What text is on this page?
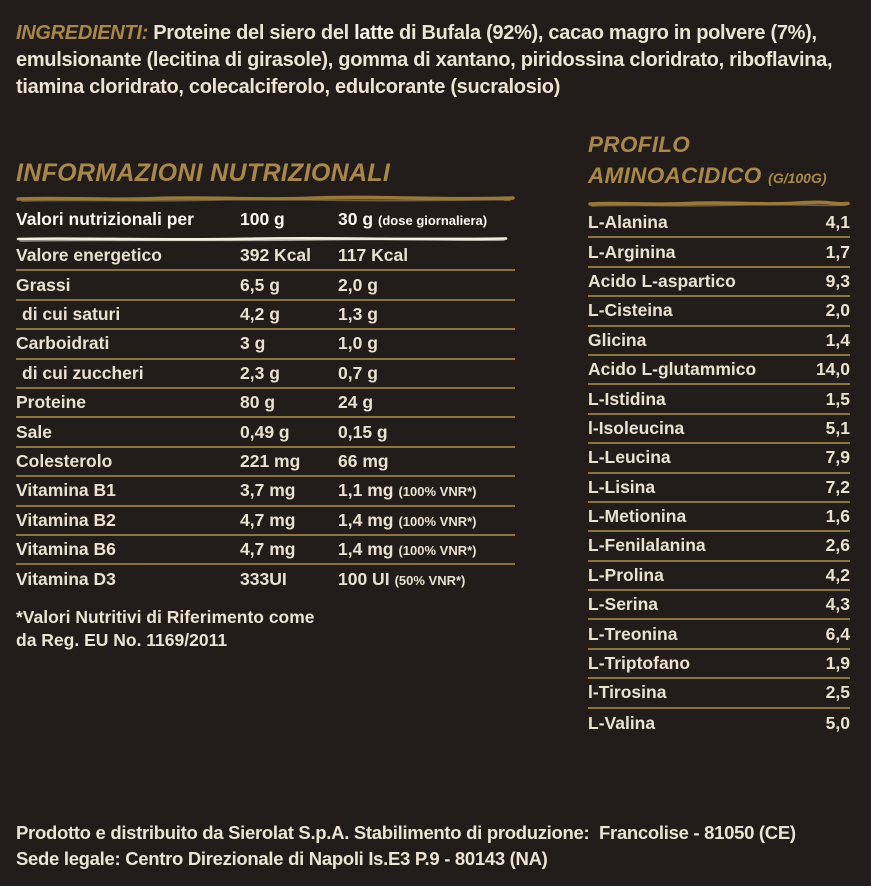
INGREDIENTI: Proteine del siero del latte di Bufala (92%), cacao magro in polvere (7%), emulsionante (lecitina di girasole), gomma di xantano, piridossina cloridrato, riboflavina, tiamina cloridrato, colecalciferolo, edulcorante (sucralosio)

INFORMAZIONI NUTRIZIONALI
Valori nutrizionali per	100 g	30 g (dose giornaliera)
Valore energetico	392 Kcal	117 Kcal
Grassi	6,5 g	2,0 g
di cui saturi	4,2 g	1,3 g
Carboidrati	3 g	1,0 g
di cui zuccheri	2,3 g	0,7 g
Proteine	80 g	24 g
Sale	0,49 g	0,15 g
Colesterolo	221 mg	66 mg
Vitamina B1	3,7 mg	1,1 mg (100% VNR*)
Vitamina B2	4,7 mg	1,4 mg (100% VNR*)
Vitamina B6	4,7 mg	1,4 mg (100% VNR*)
Vitamina D3	333UI	100 UI (50% VNR*)

*Valori Nutritivi di Riferimento come
da Reg. EU No. 1169/2011

PROFILO
AMINOACIDICO (G/100G)
L-Alanina	4,1
L-Arginina	1,7
Acido L-aspartico	9,3
L-Cisteina	2,0
Glicina	1,4
Acido L-glutammico	14,0
L-Istidina	1,5
l-Isoleucina	5,1
L-Leucina	7,9
L-Lisina	7,2
L-Metionina	1,6
L-Fenilalanina	2,6
L-Prolina	4,2
L-Serina	4,3
L-Treonina	6,4
L-Triptofano	1,9
l-Tirosina	2,5
L-Valina	5,0

Prodotto e distribuito da Sierolat S.p.A. Stabilimento di produzione:  Francolise - 81050 (CE)
Sede legale: Centro Direzionale di Napoli Is.E3 P.9 - 80143 (NA)
